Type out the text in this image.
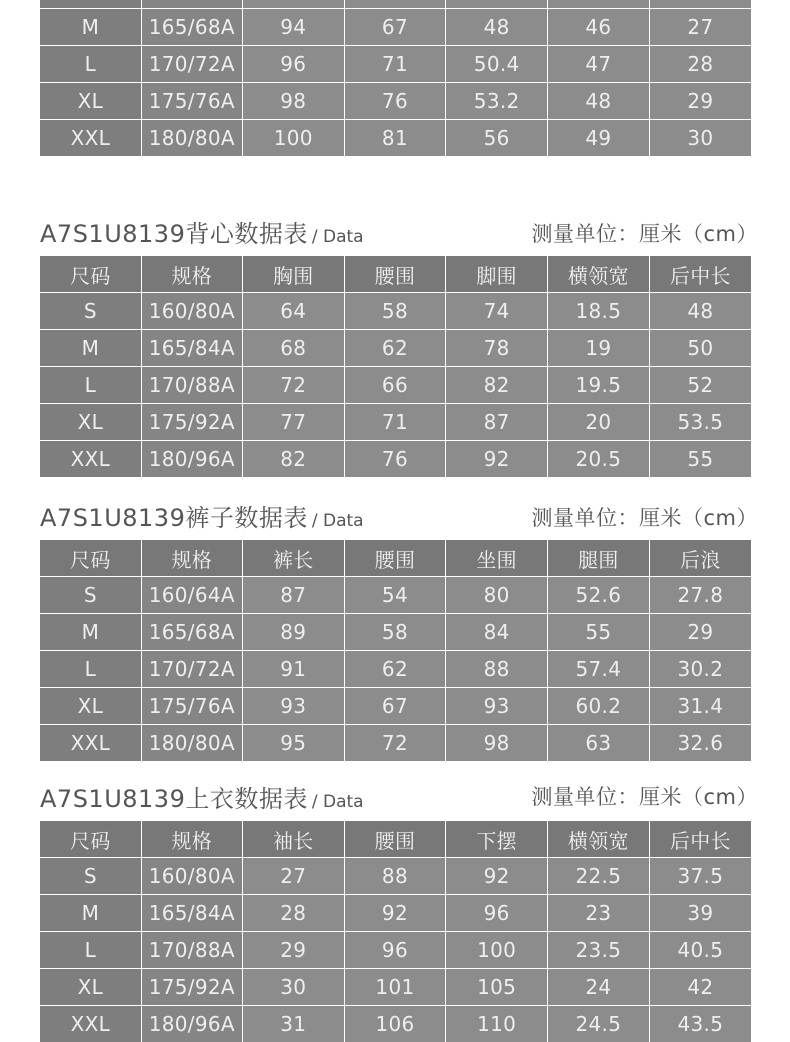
M	165/68A	94	67	48	46	27
L	170/72A	96	71	50.4	47	28
XL	175/76A	98	76	53.2	48	29
XXL	180/80A	100	81	56	49	30
A7S1U8139背心数据表 / Data	测量单位：厘米（cm）
尺码	规格	胸围	腰围	脚围	横领宽	后中长
S	160/80A	64	58	74	18.5	48
M	165/84A	68	62	78	19	50
L	170/88A	72	66	82	19.5	52
XL	175/92A	77	71	87	20	53.5
XXL	180/96A	82	76	92	20.5	55
A7S1U8139裤子数据表 / Data	测量单位：厘米（cm）
尺码	规格	裤长	腰围	坐围	腿围	后浪
S	160/64A	87	54	80	52.6	27.8
M	165/68A	89	58	84	55	29
L	170/72A	91	62	88	57.4	30.2
XL	175/76A	93	67	93	60.2	31.4
XXL	180/80A	95	72	98	63	32.6
A7S1U8139上衣数据表 / Data	测量单位：厘米（cm）
尺码	规格	袖长	腰围	下摆	横领宽	后中长
S	160/80A	27	88	92	22.5	37.5
M	165/84A	28	92	96	23	39
L	170/88A	29	96	100	23.5	40.5
XL	175/92A	30	101	105	24	42
XXL	180/96A	31	106	110	24.5	43.5
